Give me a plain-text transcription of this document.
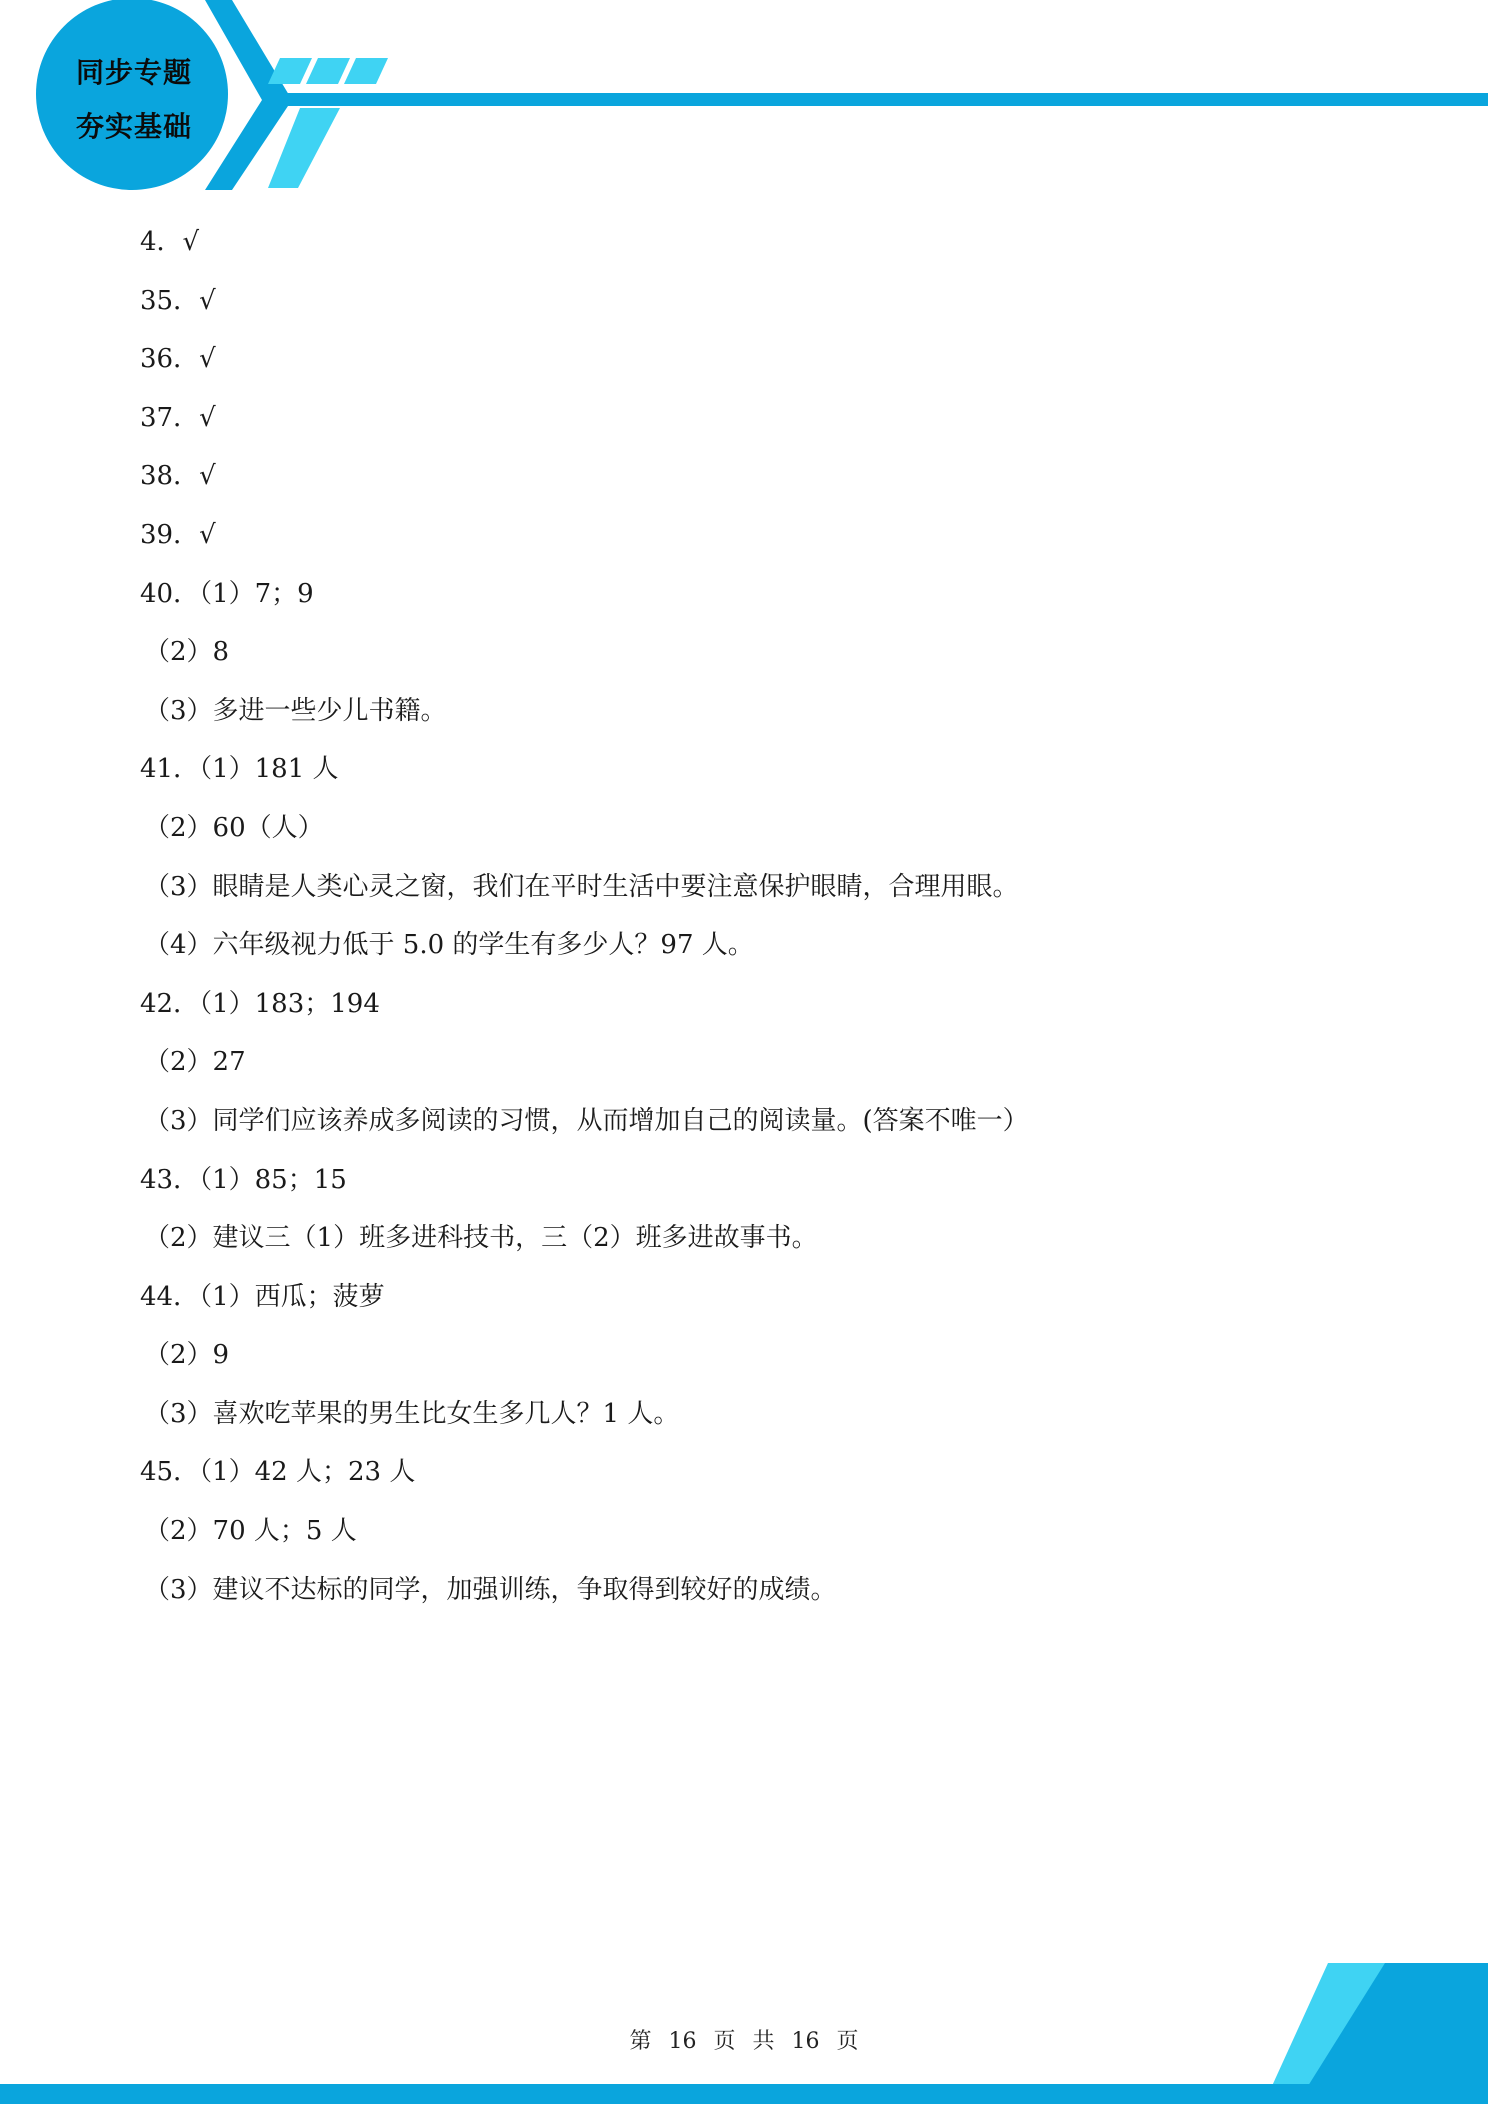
同步专题
夯实基础
4．√
35．√
36．√
37．√
38．√
39．√
40．（1）7；9
（2）8
（3）多进一些少儿书籍。
41．（1）181 人
（2）60（人）
（3）眼睛是人类心灵之窗，我们在平时生活中要注意保护眼睛，合理用眼。
（4）六年级视力低于 5.0 的学生有多少人？97 人。
42．（1）183；194
（2）27
（3）同学们应该养成多阅读的习惯，从而增加自己的阅读量。(答案不唯一）
43．（1）85；15
（2）建议三（1）班多进科技书，三（2）班多进故事书。
44．（1）西瓜；菠萝
（2）9
（3）喜欢吃苹果的男生比女生多几人？1 人。
45．（1）42 人；23 人
（2）70 人；5 人
（3）建议不达标的同学，加强训练，争取得到较好的成绩。
第 16 页 共 16 页
